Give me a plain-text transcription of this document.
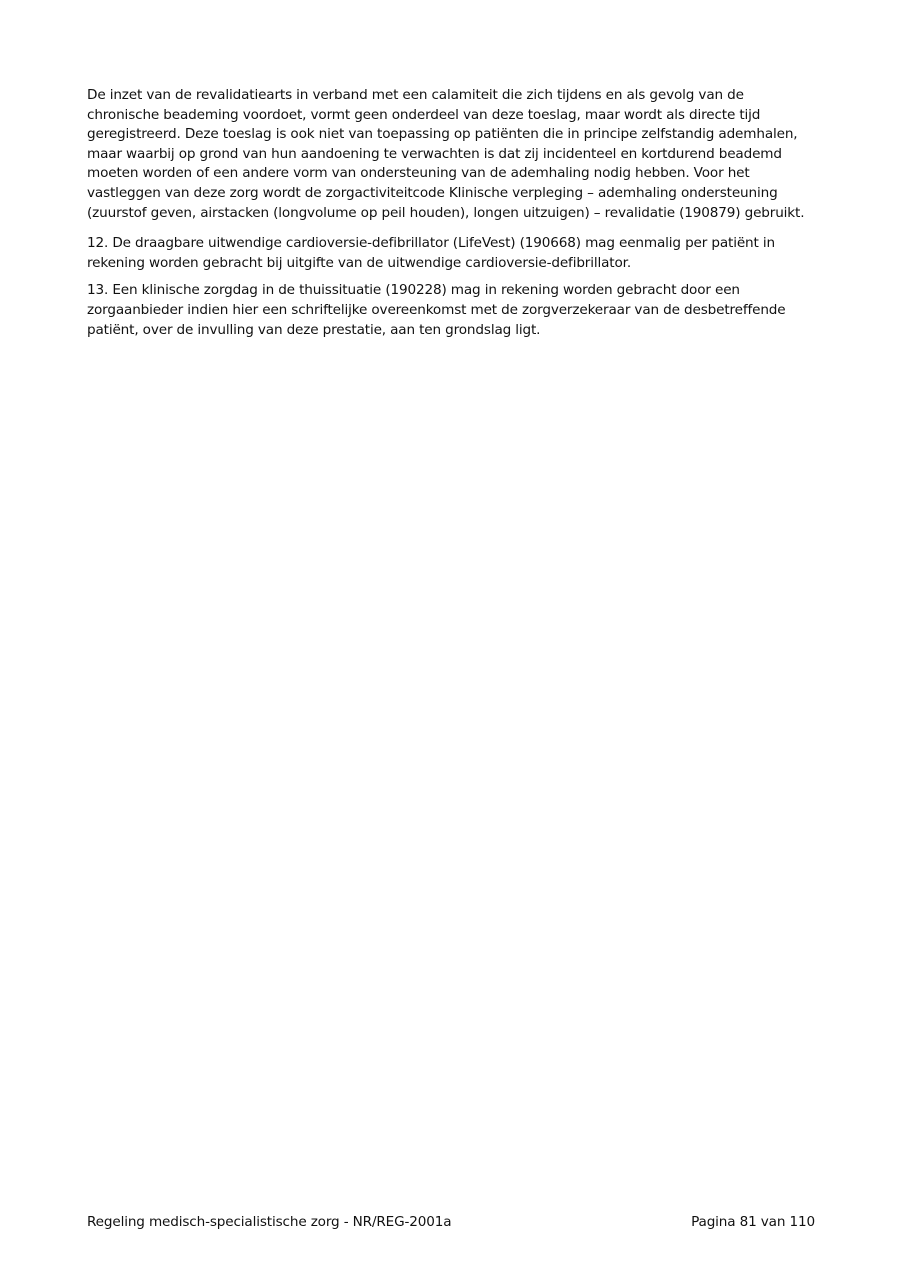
De inzet van de revalidatiearts in verband met een calamiteit die zich tijdens en als gevolg van de
chronische beademing voordoet, vormt geen onderdeel van deze toeslag, maar wordt als directe tijd
geregistreerd. Deze toeslag is ook niet van toepassing op patiënten die in principe zelfstandig ademhalen,
maar waarbij op grond van hun aandoening te verwachten is dat zij incidenteel en kortdurend beademd
moeten worden of een andere vorm van ondersteuning van de ademhaling nodig hebben. Voor het
vastleggen van deze zorg wordt de zorgactiviteitcode Klinische verpleging – ademhaling ondersteuning
(zuurstof geven, airstacken (longvolume op peil houden), longen uitzuigen) – revalidatie (190879) gebruikt.
12. De draagbare uitwendige cardioversie-defibrillator (LifeVest) (190668) mag eenmalig per patiënt in
rekening worden gebracht bij uitgifte van de uitwendige cardioversie-defibrillator.
13. Een klinische zorgdag in de thuissituatie (190228) mag in rekening worden gebracht door een
zorgaanbieder indien hier een schriftelijke overeenkomst met de zorgverzekeraar van de desbetreffende
patiënt, over de invulling van deze prestatie, aan ten grondslag ligt.
Regeling medisch-specialistische zorg - NR/REG-2001a	Pagina 81 van 110
